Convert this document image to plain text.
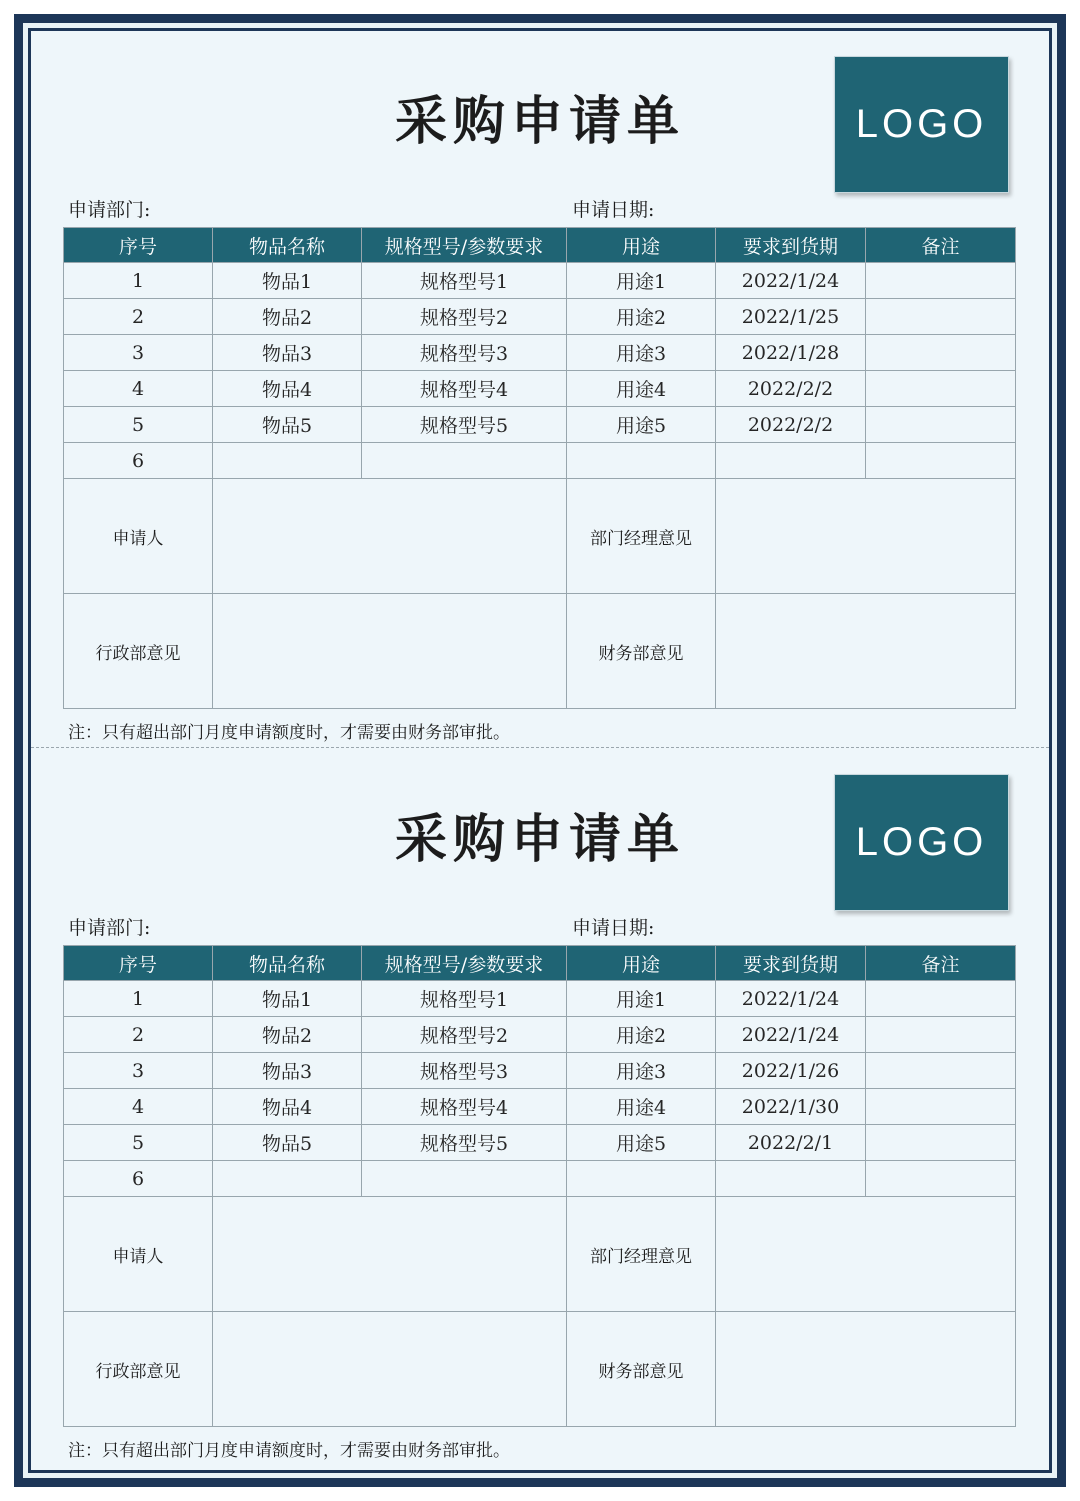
采购申请单	LOGO
申请部门:	申请日期:
序号	物品名称	规格型号/参数要求	用途	要求到货期	备注
1	物品1	规格型号1	用途1	2022/1/24	
2	物品2	规格型号2	用途2	2022/1/25	
3	物品3	规格型号3	用途3	2022/1/28	
4	物品4	规格型号4	用途4	2022/2/2	
5	物品5	规格型号5	用途5	2022/2/2	
6					
申请人			部门经理意见		
行政部意见			财务部意见		
注：只有超出部门月度申请额度时，才需要由财务部审批。
采购申请单	LOGO
申请部门:	申请日期:
序号	物品名称	规格型号/参数要求	用途	要求到货期	备注
1	物品1	规格型号1	用途1	2022/1/24	
2	物品2	规格型号2	用途2	2022/1/24	
3	物品3	规格型号3	用途3	2022/1/26	
4	物品4	规格型号4	用途4	2022/1/30	
5	物品5	规格型号5	用途5	2022/2/1	
6					
申请人			部门经理意见		
行政部意见			财务部意见		
注：只有超出部门月度申请额度时，才需要由财务部审批。
